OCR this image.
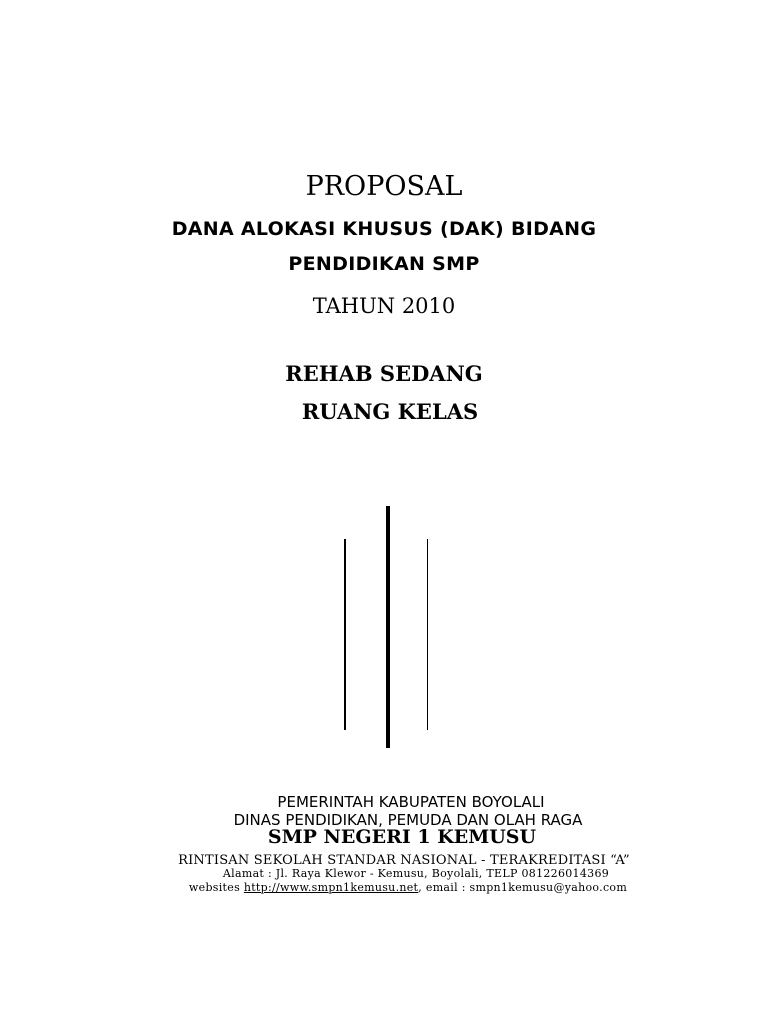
PROPOSAL
DANA ALOKASI KHUSUS (DAK) BIDANG
PENDIDIKAN SMP
TAHUN 2010
REHAB SEDANG
RUANG KELAS
PEMERINTAH KABUPATEN BOYOLALI
DINAS PENDIDIKAN, PEMUDA DAN OLAH RAGA
SMP NEGERI 1 KEMUSU
RINTISAN SEKOLAH STANDAR NASIONAL - TERAKREDITASI “A”
Alamat : Jl. Raya Klewor - Kemusu, Boyolali, TELP 081226014369
websites http://www.smpn1kemusu.net, email : smpn1kemusu@yahoo.com
